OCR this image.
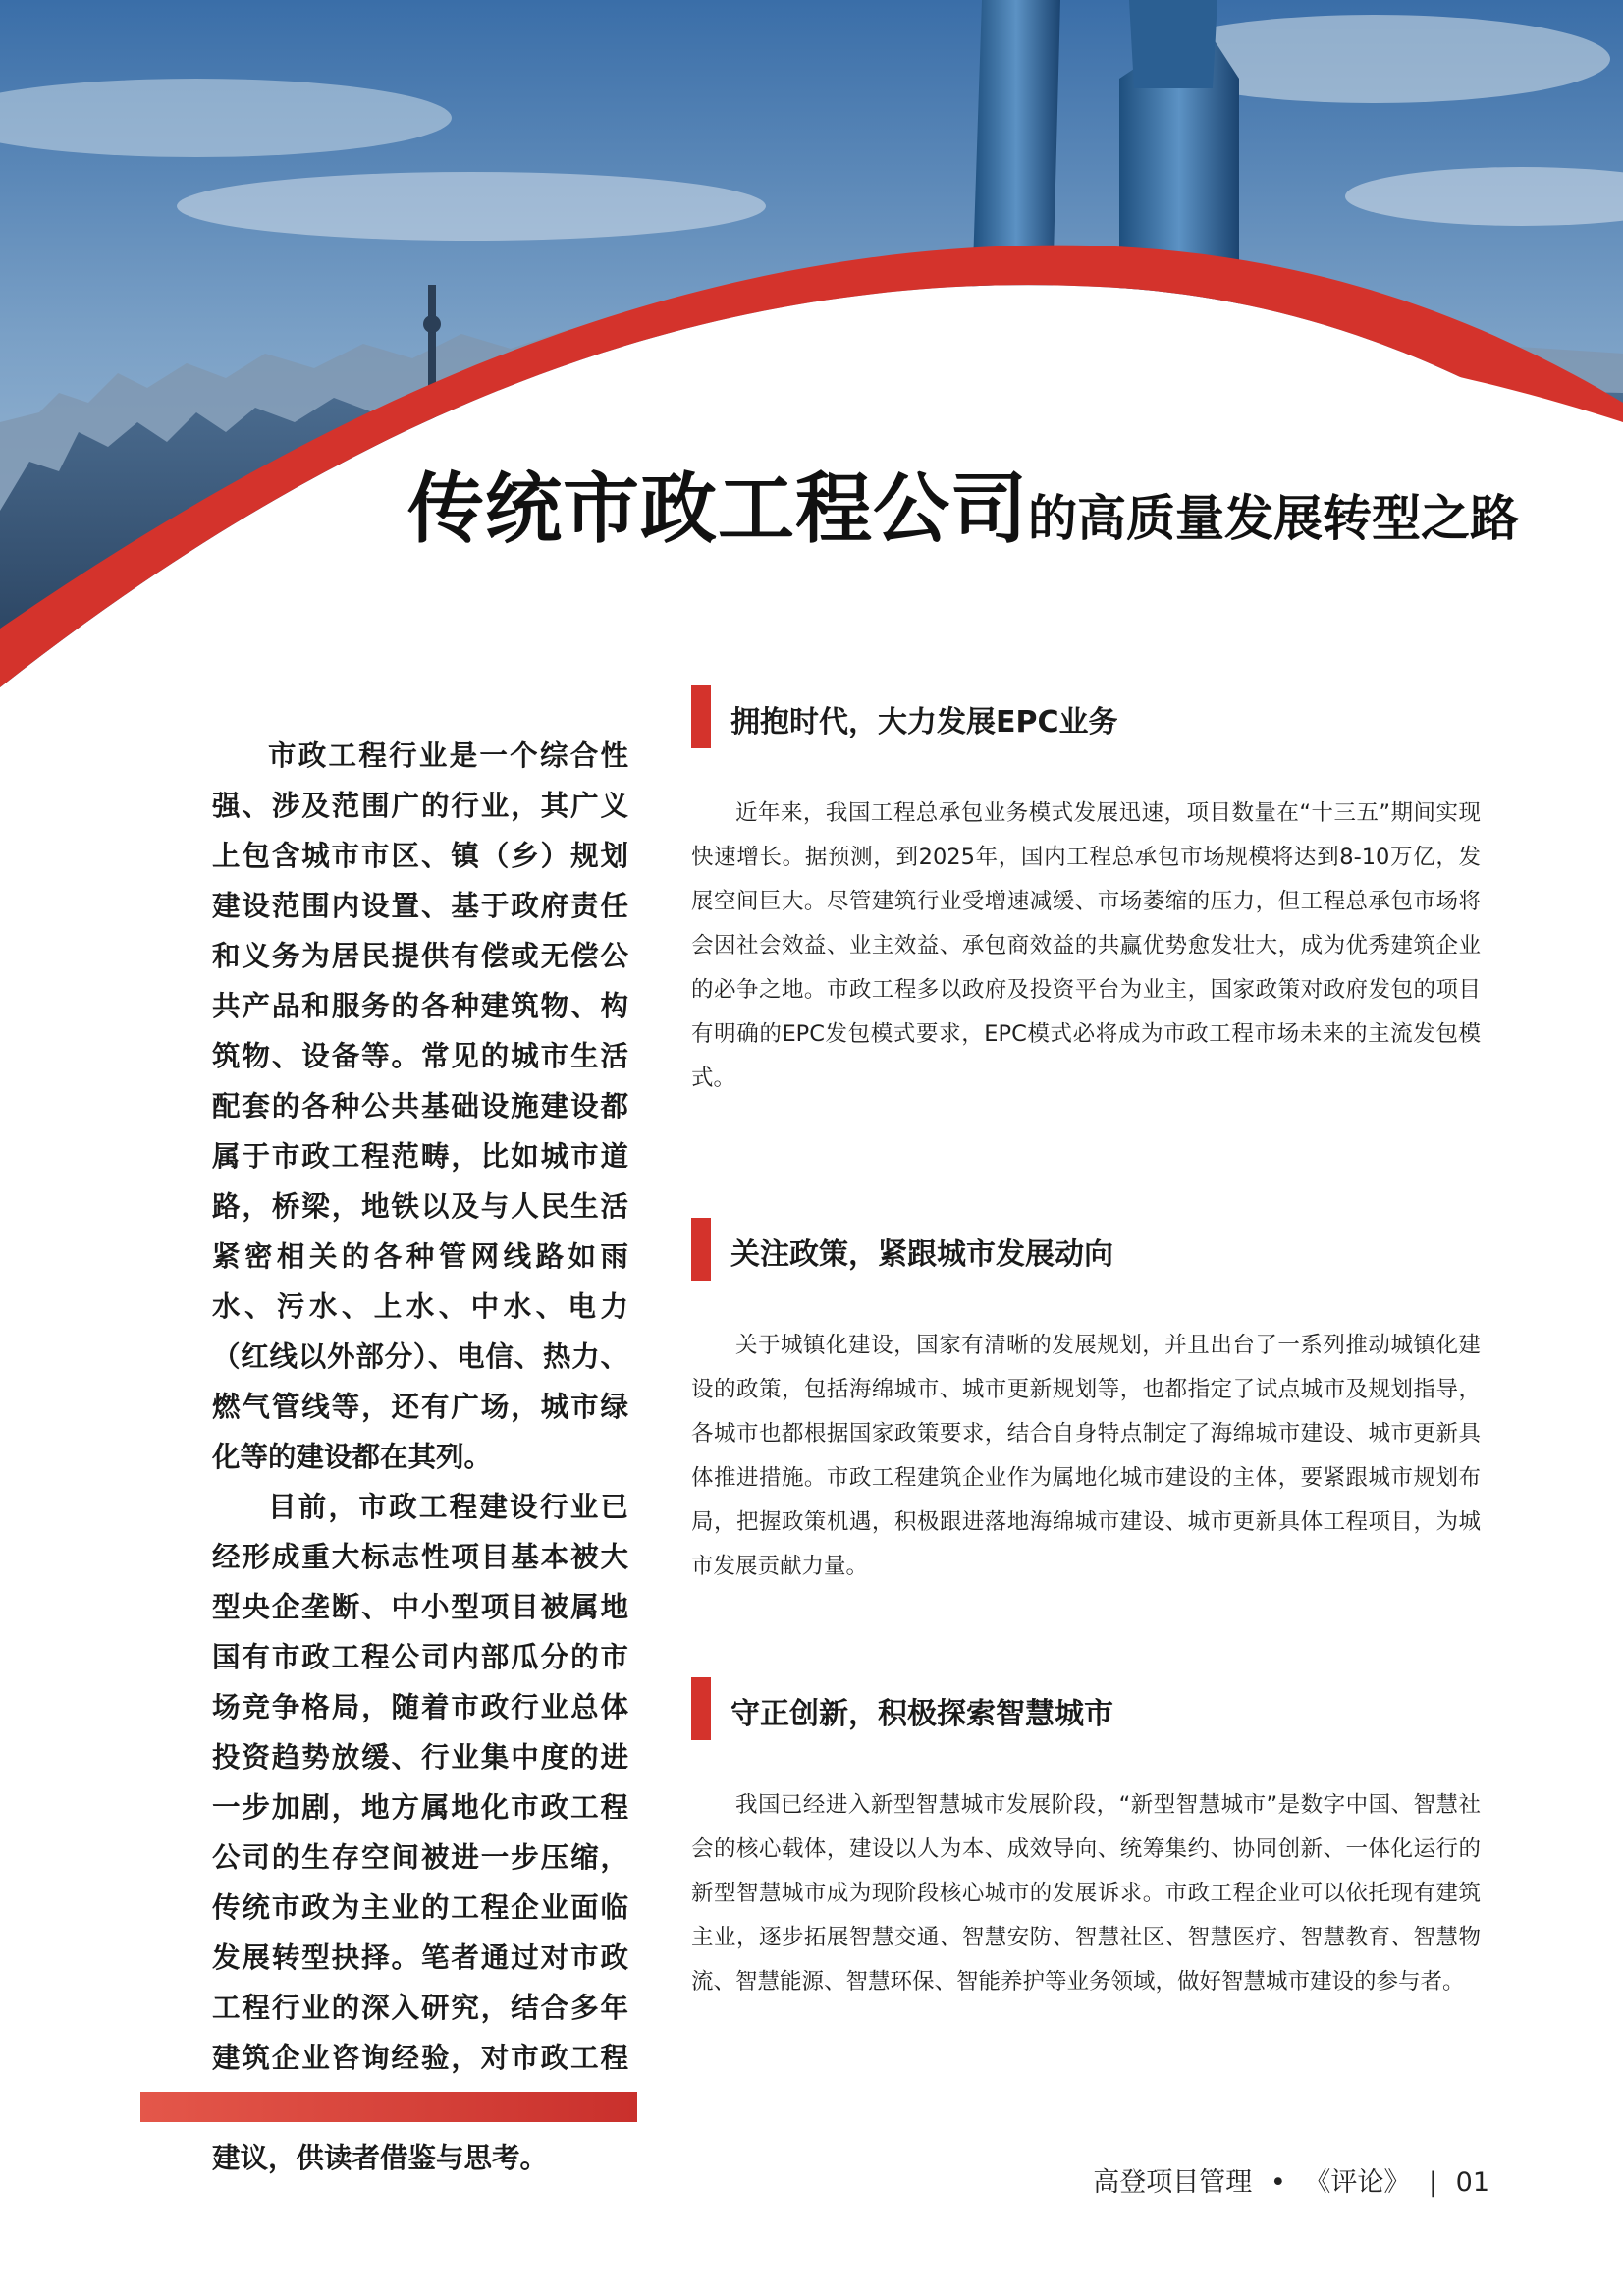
传统市政工程公司的高质量发展转型之路

市政工程行业是一个综合性强、涉及范围广的行业，其广义上包含城市市区、镇（乡）规划建设范围内设置、基于政府责任和义务为居民提供有偿或无偿公共产品和服务的各种建筑物、构筑物、设备等。常见的城市生活配套的各种公共基础设施建设都属于市政工程范畴，比如城市道路，桥梁，地铁以及与人民生活紧密相关的各种管网线路如雨水、污水、上水、中水、电力（红线以外部分）、电信、热力、燃气管线等，还有广场，城市绿化等的建设都在其列。

目前，市政工程建设行业已经形成重大标志性项目基本被大型央企垄断、中小型项目被属地国有市政工程公司内部瓜分的市场竞争格局，随着市政行业总体投资趋势放缓、行业集中度的进一步加剧，地方属地化市政工程公司的生存空间被进一步压缩，传统市政为主业的工程企业面临发展转型抉择。笔者通过对市政工程行业的深入研究，结合多年建筑企业咨询经验，对市政工程 建议，供读者借鉴与思考。

拥抱时代，大力发展EPC业务

近年来，我国工程总承包业务模式发展迅速，项目数量在“十三五”期间实现快速增长。据预测，到2025年，国内工程总承包市场规模将达到8-10万亿，发展空间巨大。尽管建筑行业受增速减缓、市场萎缩的压力，但工程总承包市场将会因社会效益、业主效益、承包商效益的共赢优势愈发壮大，成为优秀建筑企业的必争之地。市政工程多以政府及投资平台为业主，国家政策对政府发包的项目有明确的EPC发包模式要求，EPC模式必将成为市政工程市场未来的主流发包模式。

关注政策，紧跟城市发展动向

关于城镇化建设，国家有清晰的发展规划，并且出台了一系列推动城镇化建设的政策，包括海绵城市、城市更新规划等，也都指定了试点城市及规划指导，各城市也都根据国家政策要求，结合自身特点制定了海绵城市建设、城市更新具体推进措施。市政工程建筑企业作为属地化城市建设的主体，要紧跟城市规划布局，把握政策机遇，积极跟进落地海绵城市建设、城市更新具体工程项目，为城市发展贡献力量。

守正创新，积极探索智慧城市

我国已经进入新型智慧城市发展阶段，“新型智慧城市”是数字中国、智慧社会的核心载体，建设以人为本、成效导向、统筹集约、协同创新、一体化运行的新型智慧城市成为现阶段核心城市的发展诉求。市政工程企业可以依托现有建筑主业，逐步拓展智慧交通、智慧安防、智慧社区、智慧医疗、智慧教育、智慧物流、智慧能源、智慧环保、智能养护等业务领域，做好智慧城市建设的参与者。

高登项目管理 • 《评论》 | 01
